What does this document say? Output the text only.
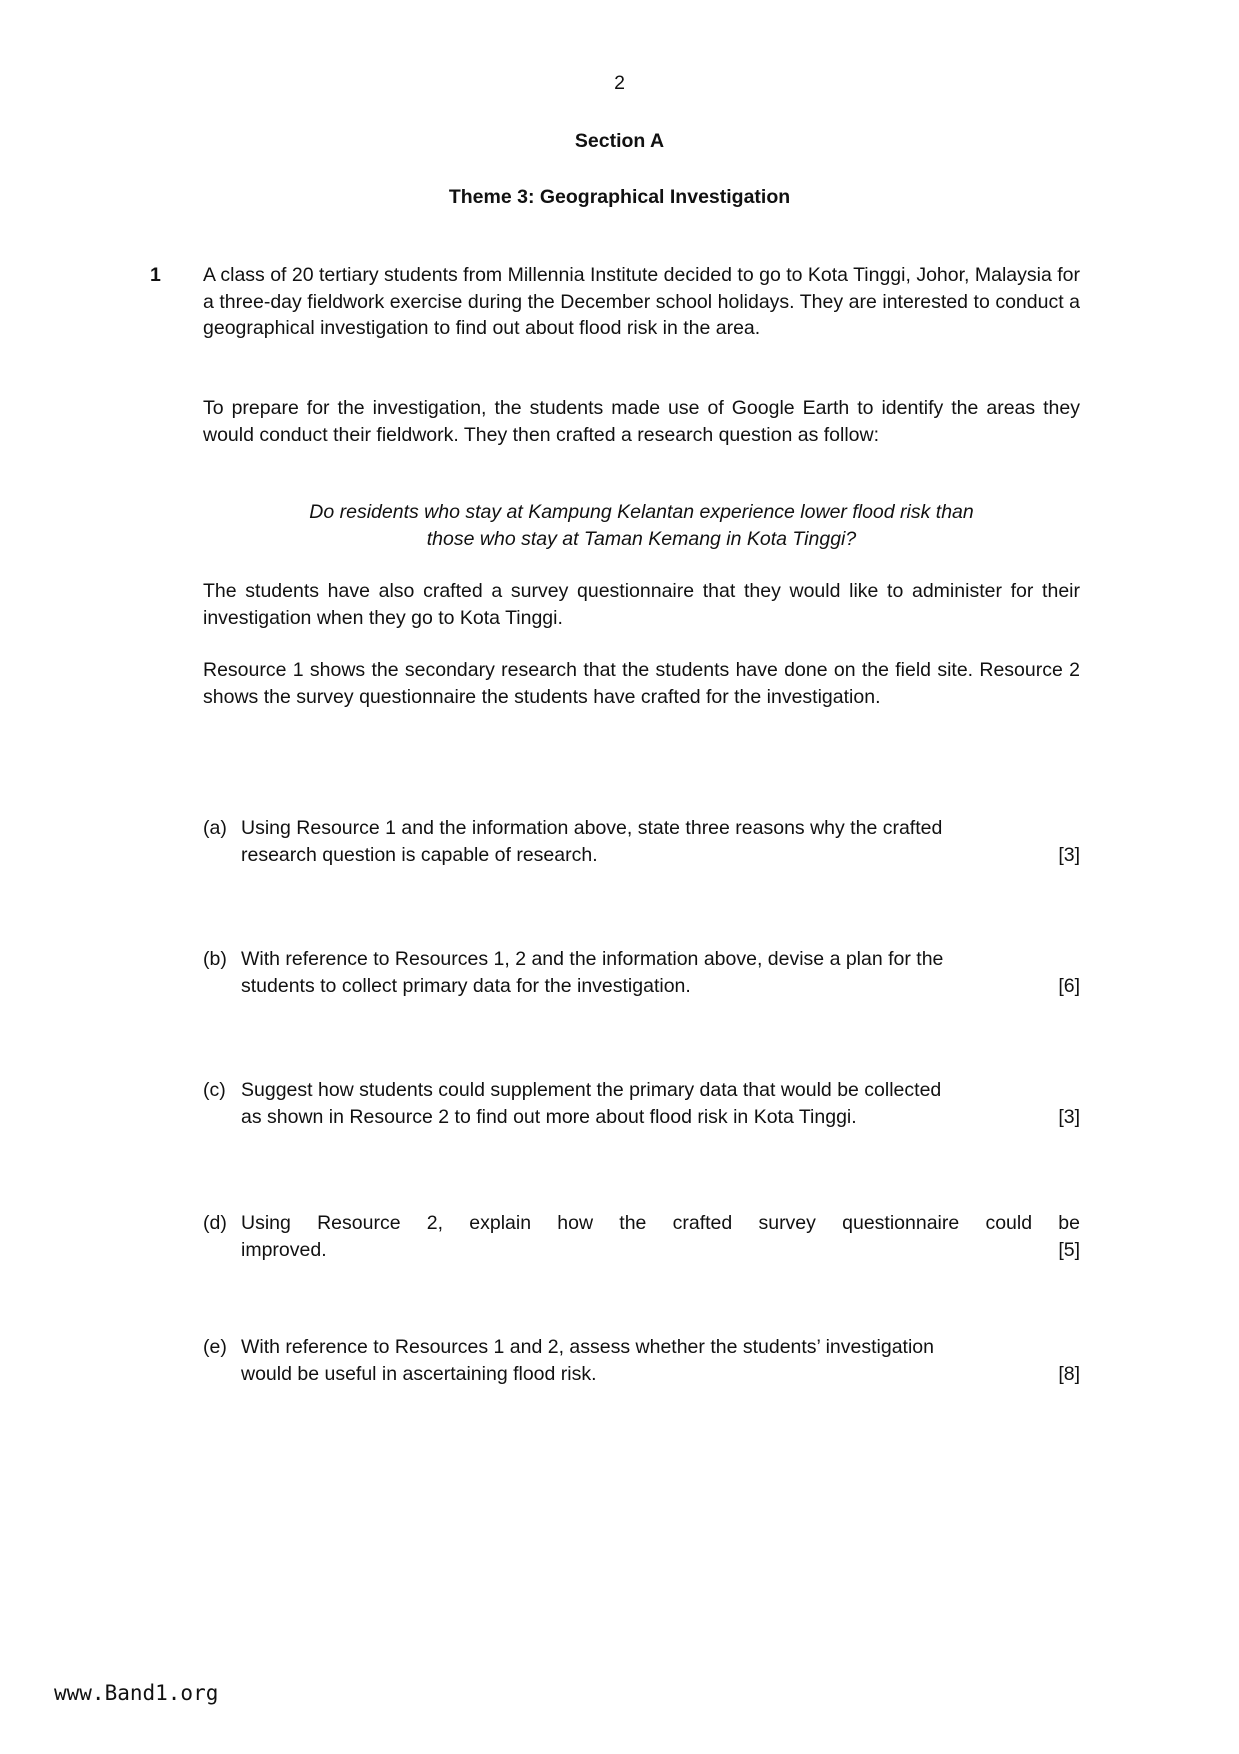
2
Section A
Theme 3: Geographical Investigation
1 A class of 20 tertiary students from Millennia Institute decided to go to Kota Tinggi, Johor, Malaysia for a three-day fieldwork exercise during the December school holidays. They are interested to conduct a geographical investigation to find out about flood risk in the area.
To prepare for the investigation, the students made use of Google Earth to identify the areas they would conduct their fieldwork. They then crafted a research question as follow:
Do residents who stay at Kampung Kelantan experience lower flood risk than
those who stay at Taman Kemang in Kota Tinggi?
The students have also crafted a survey questionnaire that they would like to administer for their investigation when they go to Kota Tinggi.
Resource 1 shows the secondary research that the students have done on the field site. Resource 2 shows the survey questionnaire the students have crafted for the investigation.
(a) Using Resource 1 and the information above, state three reasons why the crafted
research question is capable of research.	[3]
(b) With reference to Resources 1, 2 and the information above, devise a plan for the
students to collect primary data for the investigation.	[6]
(c) Suggest how students could supplement the primary data that would be collected
as shown in Resource 2 to find out more about flood risk in Kota Tinggi.	[3]
(d) Using Resource 2, explain how the crafted survey questionnaire could be
improved.	[5]
(e) With reference to Resources 1 and 2, assess whether the students’ investigation
would be useful in ascertaining flood risk.	[8]
www.Band1.org
